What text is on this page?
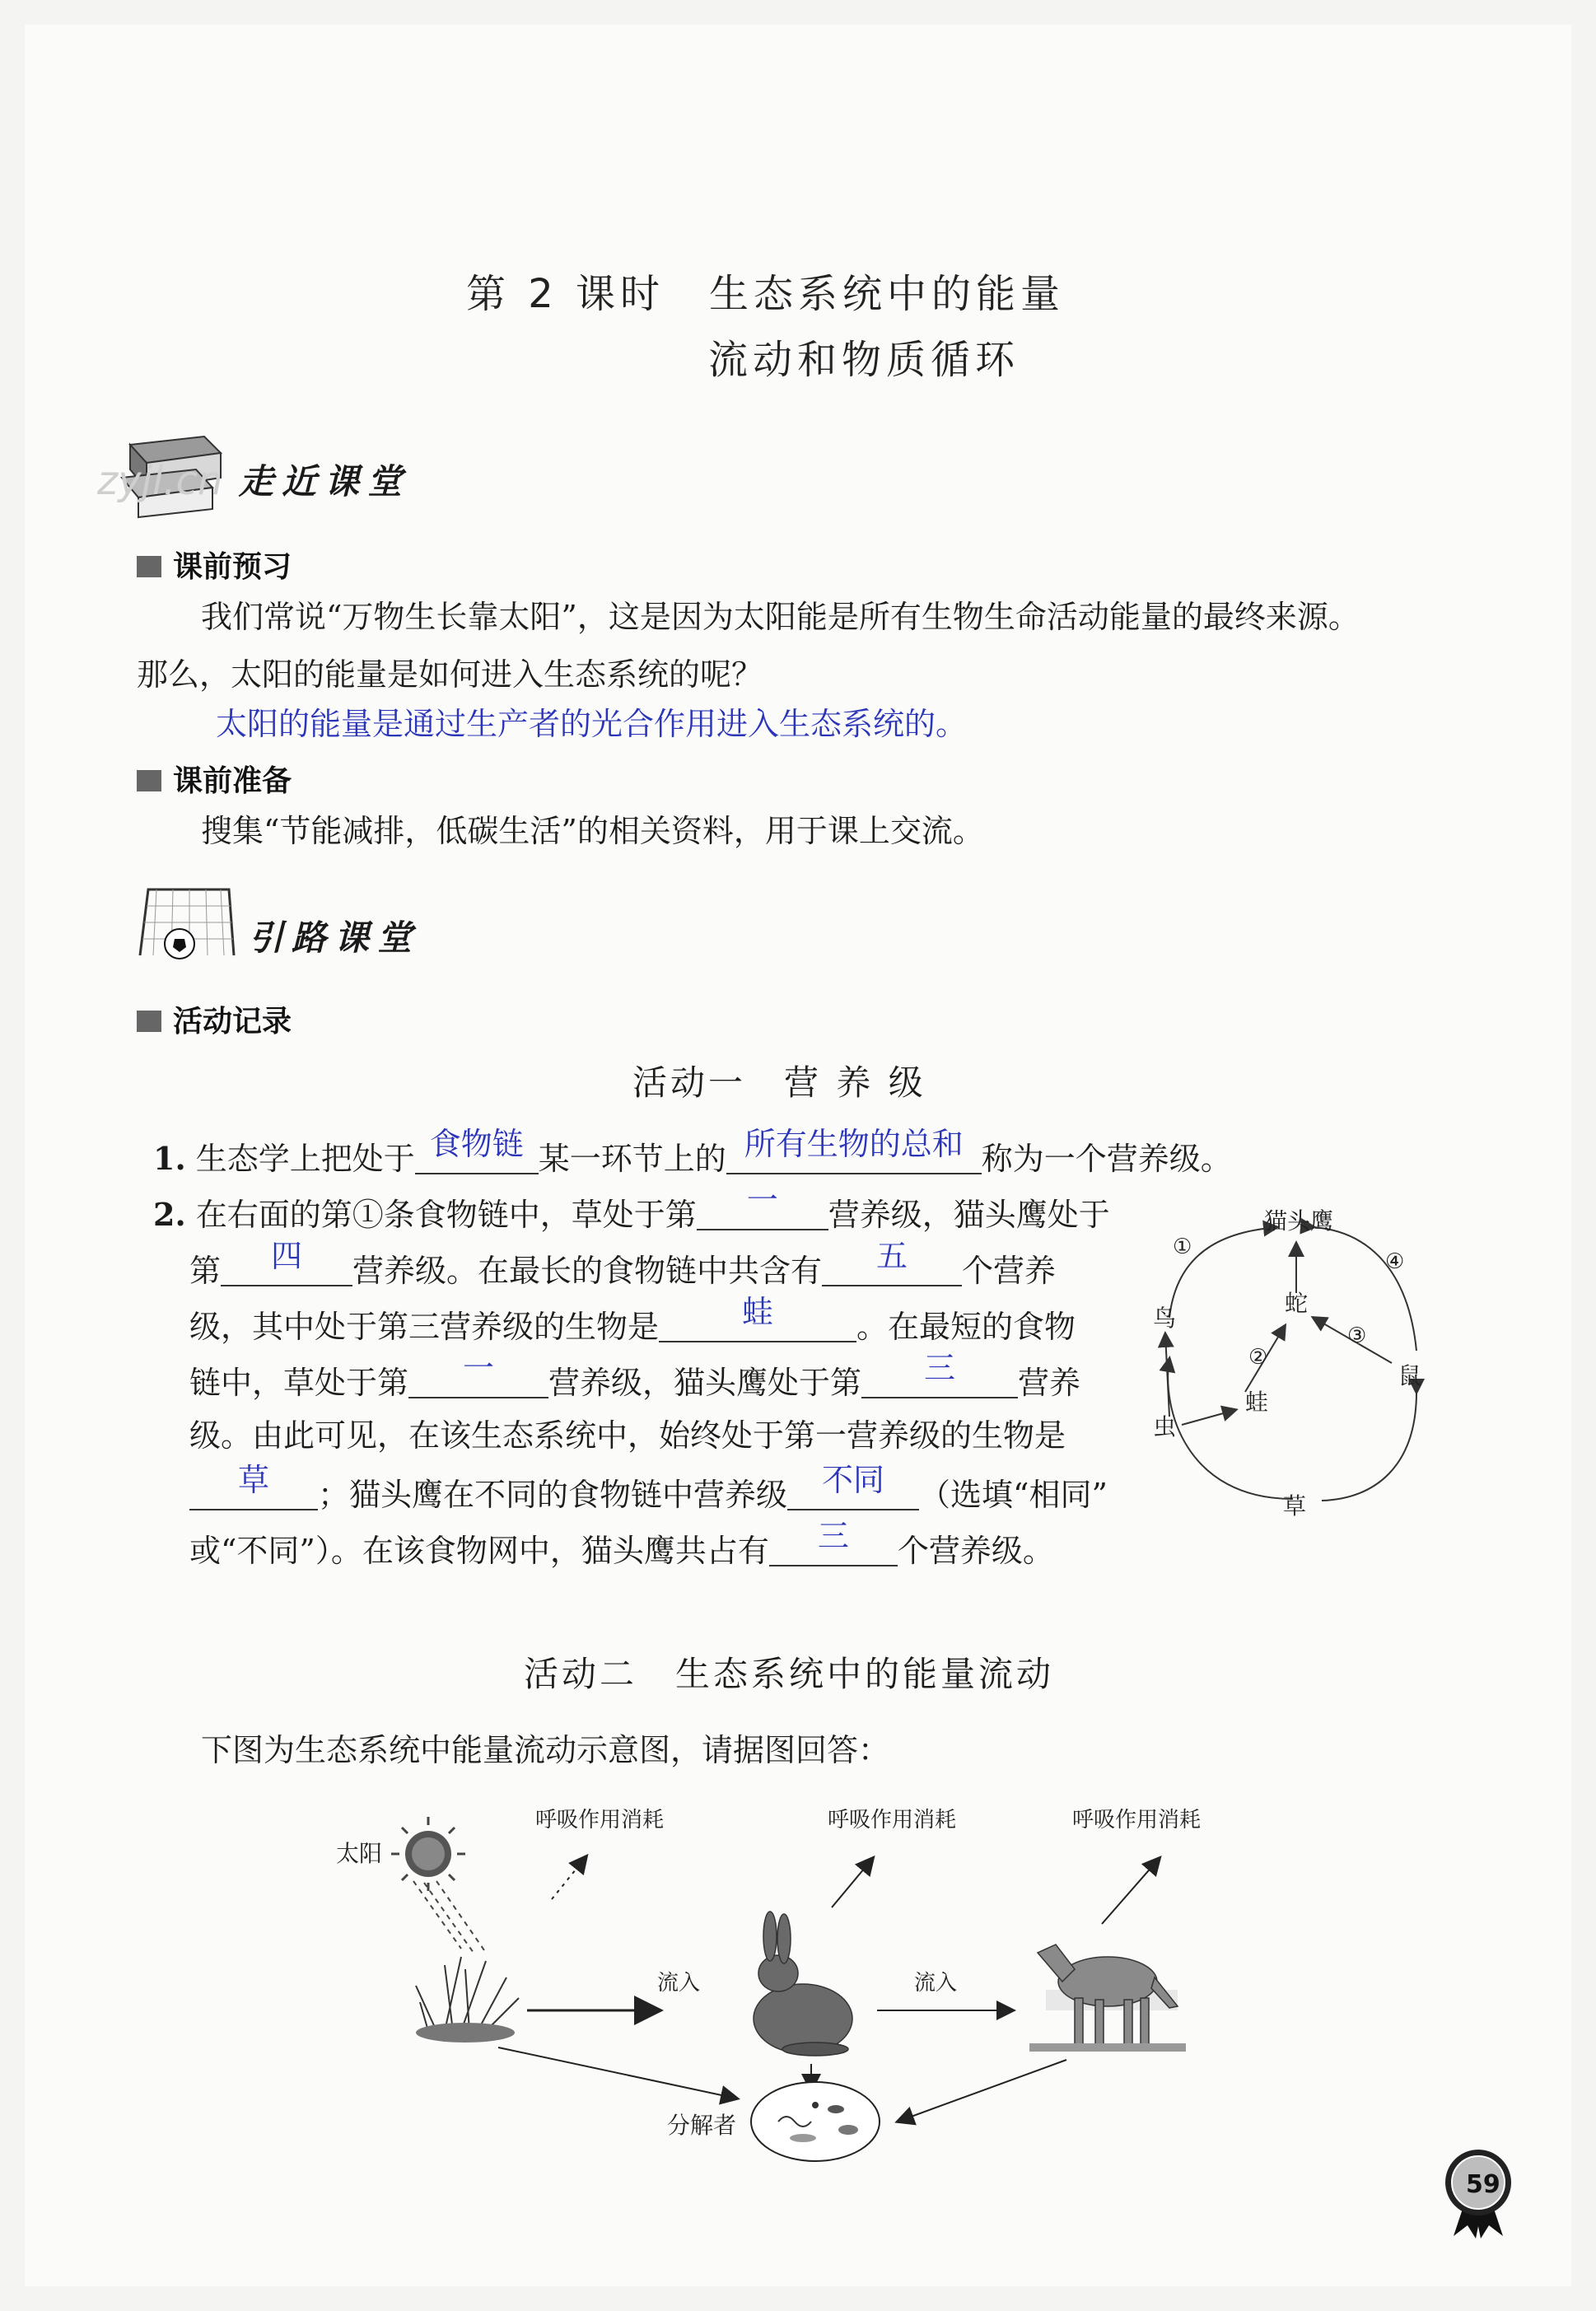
第 2 课时　生态系统中的能量
流动和物质循环
zyjl.cn 走近课堂
课前预习
我们常说“万物生长靠太阳”，这是因为太阳能是所有生物生命活动能量的最终来源。
那么，太阳的能量是如何进入生态系统的呢？
太阳的能量是通过生产者的光合作用进入生态系统的。
课前准备
搜集“节能减排，低碳生活”的相关资料，用于课上交流。
引路课堂
活动记录
活动一　营 养 级
1. 生态学上把处于 食物链 某一环节上的 所有生物的总和 称为一个营养级。
2. 在右面的第①条食物链中，草处于第	一	营养级，猫头鹰处于
第	四	营养级。在最长的食物链中共含有	五	个营养
级，其中处于第三营养级的生物是	蛙	。在最短的食物
链中，草处于第	一	营养级，猫头鹰处于第	三	营养
级。由此可见，在该生态系统中，始终处于第一营养级的生物是
草	；猫头鹰在不同的食物链中营养级	不同	（选填“相同”
或“不同”）。在该食物网中，猫头鹰共占有	三	个营养级。
猫头鹰
蛇
鸟
鼠
蛙
虫
草
①
②
③
④
活动二　生态系统中的能量流动
下图为生态系统中能量流动示意图，请据图回答：
太阳
呼吸作用消耗	呼吸作用消耗	呼吸作用消耗
流入	流入
分解者
59
